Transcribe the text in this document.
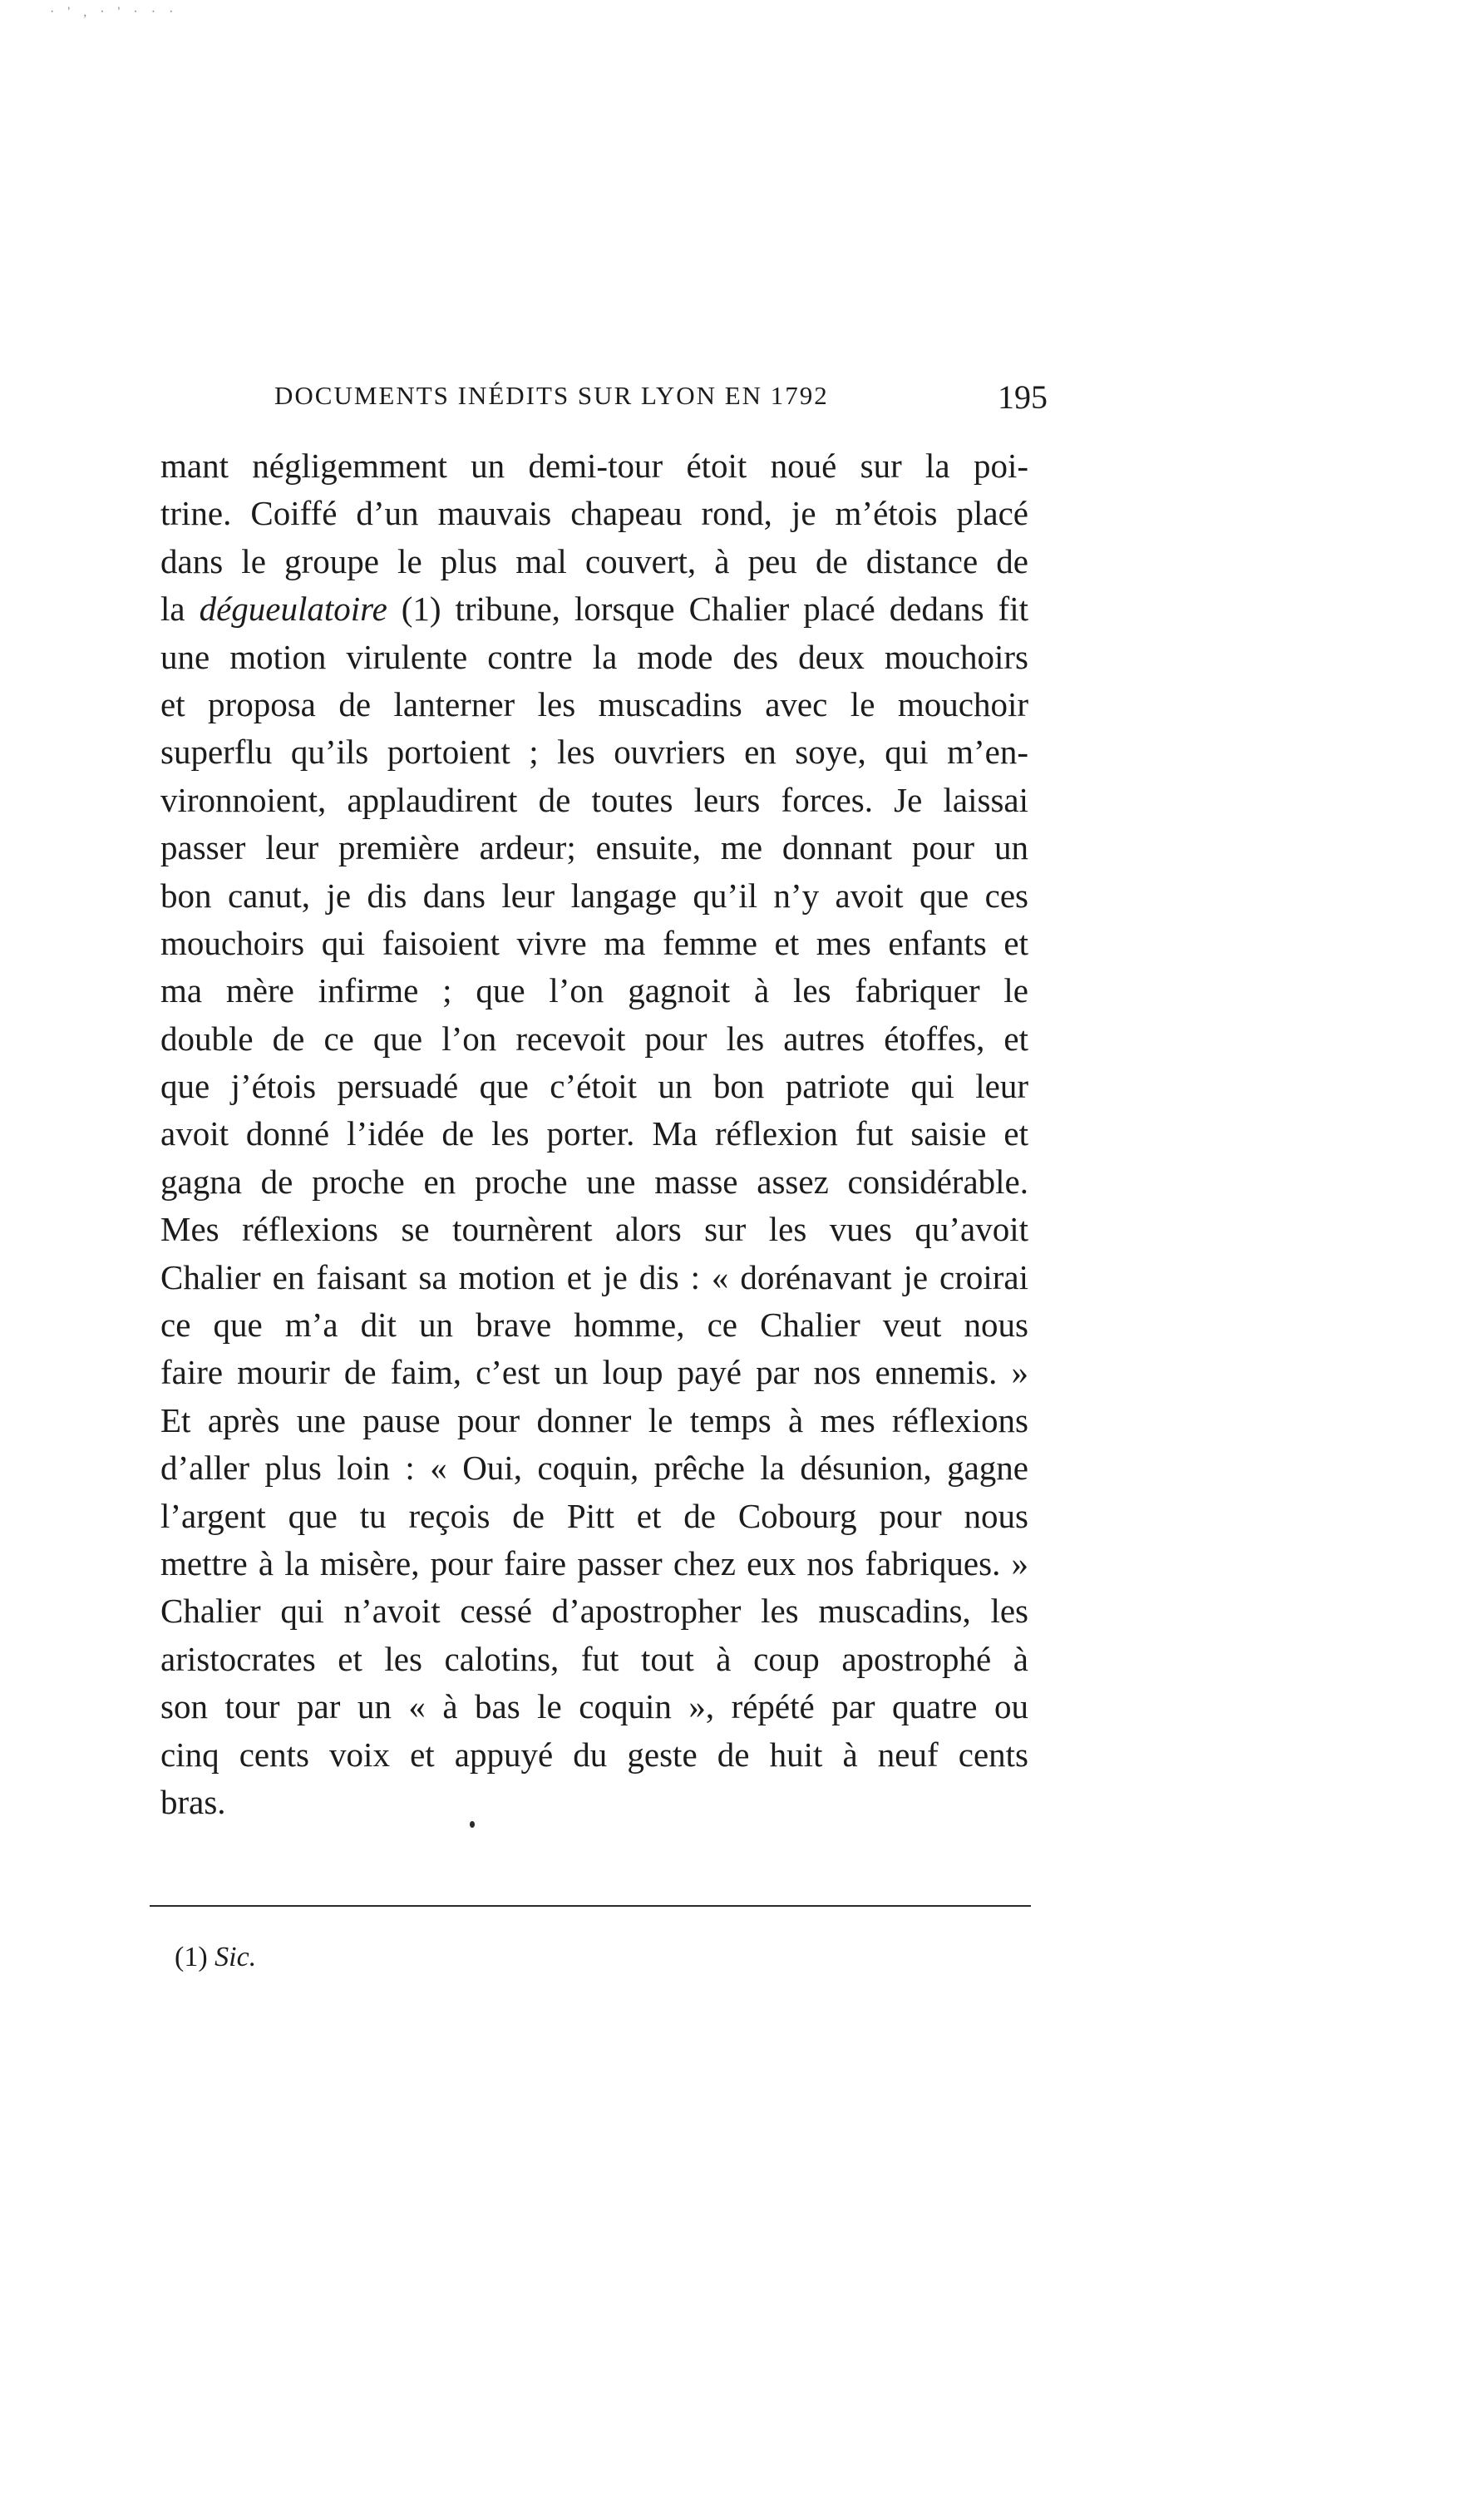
· ' , · ' · · ·
DOCUMENTS INÉDITS SUR LYON EN 1792	195
mant négligemment un demi-tour étoit noué sur la poi-
trine. Coiffé d’un mauvais chapeau rond, je m’étois placé
dans le groupe le plus mal couvert, à peu de distance de
la dégueulatoire (1) tribune, lorsque Chalier placé dedans fit
une motion virulente contre la mode des deux mouchoirs
et proposa de lanterner les muscadins avec le mouchoir
superflu qu’ils portoient ; les ouvriers en soye, qui m’en-
vironnoient, applaudirent de toutes leurs forces. Je laissai
passer leur première ardeur; ensuite, me donnant pour un
bon canut, je dis dans leur langage qu’il n’y avoit que ces
mouchoirs qui faisoient vivre ma femme et mes enfants et
ma mère infirme ; que l’on gagnoit à les fabriquer le
double de ce que l’on recevoit pour les autres étoffes, et
que j’étois persuadé que c’étoit un bon patriote qui leur
avoit donné l’idée de les porter. Ma réflexion fut saisie et
gagna de proche en proche une masse assez considérable.
Mes réflexions se tournèrent alors sur les vues qu’avoit
Chalier en faisant sa motion et je dis : « dorénavant je croirai
ce que m’a dit un brave homme, ce Chalier veut nous
faire mourir de faim, c’est un loup payé par nos ennemis. »
Et après une pause pour donner le temps à mes réflexions
d’aller plus loin : « Oui, coquin, prêche la désunion, gagne
l’argent que tu reçois de Pitt et de Cobourg pour nous
mettre à la misère, pour faire passer chez eux nos fabriques. »
Chalier qui n’avoit cessé d’apostropher les muscadins, les
aristocrates et les calotins, fut tout à coup apostrophé à
son tour par un « à bas le coquin », répété par quatre ou
cinq cents voix et appuyé du geste de huit à neuf cents
bras.
(1) Sic.
